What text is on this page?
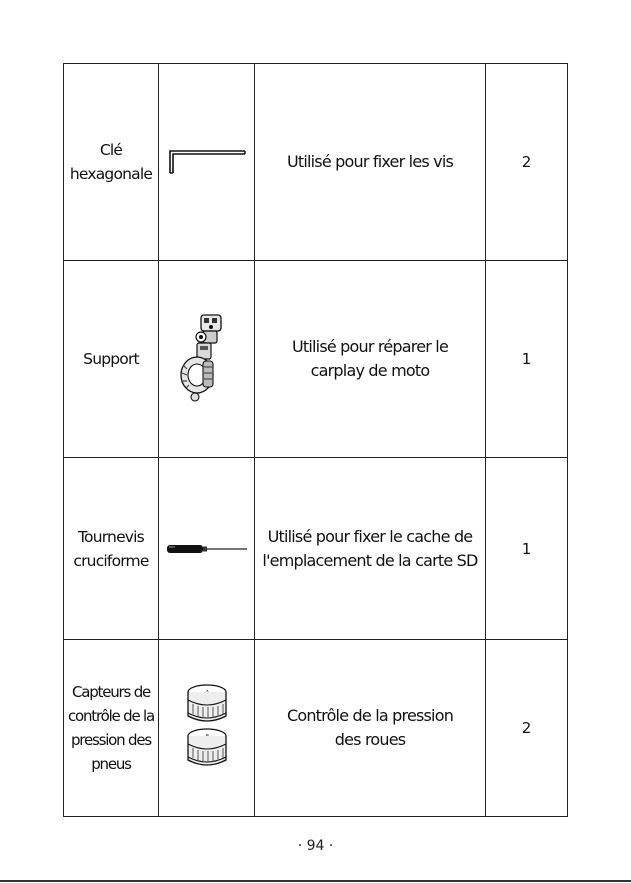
Clé
hexagonale		Utilisé pour fixer les vis	2
Support		Utilisé pour réparer le
carplay de moto	1
Tournevis
cruciforme		Utilisé pour fixer le cache de
l'emplacement de la carte SD	1
Capteurs de
contrôle de la
pression des
pneus		Contrôle de la pression
des roues	2
· 94 ·
